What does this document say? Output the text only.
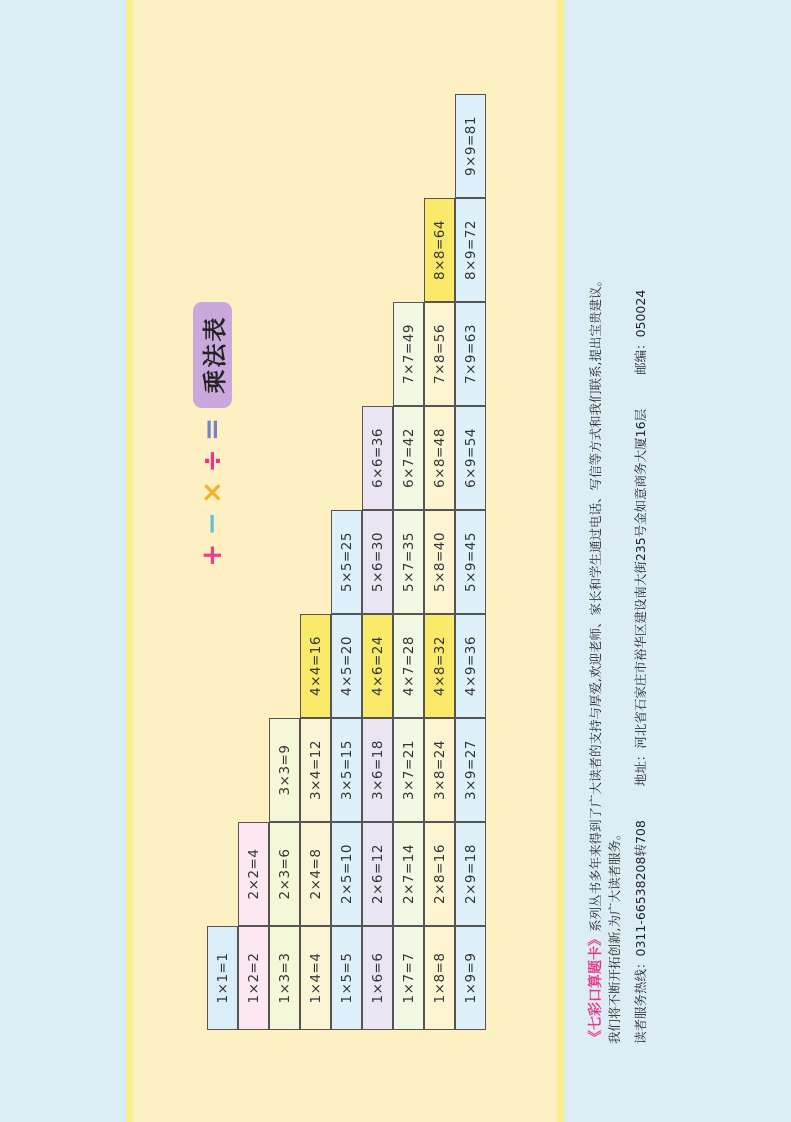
+
−
×
÷
=
乘法表
1×1=1	1×2=2
2×2=4
1×3=3
2×3=6
3×3=9
1×4=4
2×4=8
3×4=12
4×4=16
1×5=5
2×5=10
3×5=15
4×5=20
5×5=25
1×6=6
2×6=12
3×6=18
4×6=24
5×6=30
6×6=36
1×7=7
2×7=14
3×7=21
4×7=28
5×7=35
6×7=42
7×7=49
1×8=8
2×8=16
3×8=24
4×8=32
5×8=40
6×8=48
7×8=56
8×8=64
1×9=9
2×9=18
3×9=27
4×9=36
5×9=45
6×9=54
7×9=63
8×9=72
9×9=81
《七彩口算题卡》系列丛书多年来得到了广大读者的支持与厚爱,欢迎老师、家长和学生通过电话、写信等方式和我们联系,提出宝贵建议。
我们将不断开拓创新,为广大读者服务。 读者服务热线：0311-66538208转708地址：河北省石家庄市裕华区建设南大街235号金如意商务大厦16层邮编：050024
